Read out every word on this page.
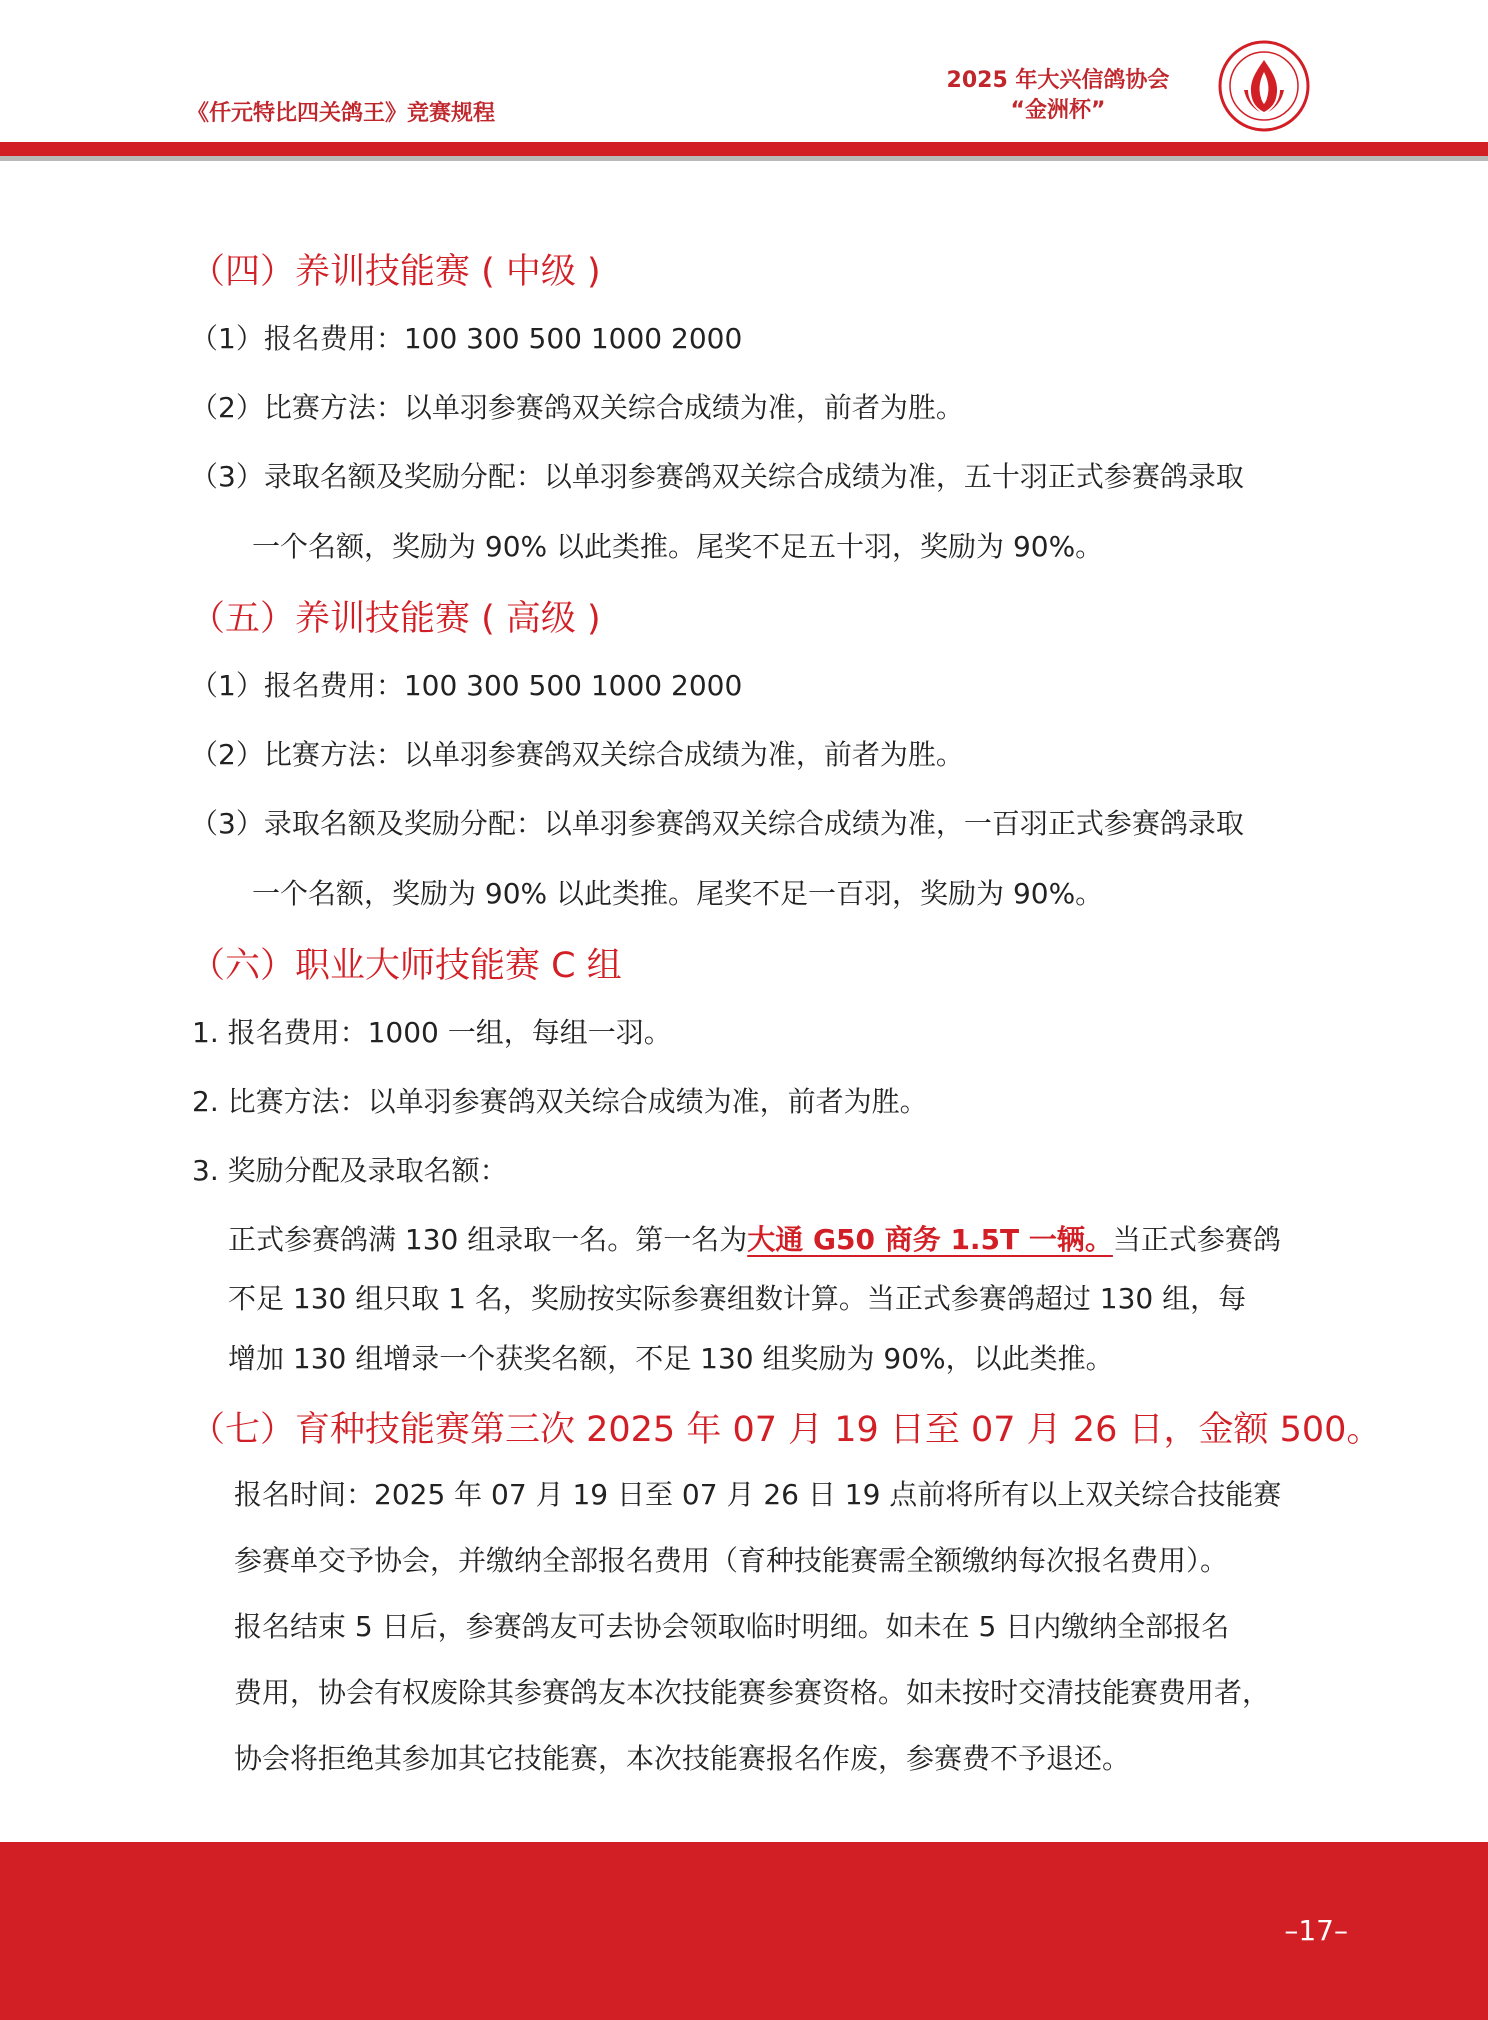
《仟元特比四关鸽王》竞赛规程
2025 年大兴信鸽协会
“金洲杯”
（四）养训技能赛 ( 中级 )
（1）报名费用：100 300 500 1000 2000
（2）比赛方法：以单羽参赛鸽双关综合成绩为准，前者为胜。
（3）录取名额及奖励分配：以单羽参赛鸽双关综合成绩为准，五十羽正式参赛鸽录取
一个名额，奖励为 90% 以此类推。尾奖不足五十羽，奖励为 90%。
（五）养训技能赛 ( 高级 )
（1）报名费用：100 300 500 1000 2000
（2）比赛方法：以单羽参赛鸽双关综合成绩为准，前者为胜。
（3）录取名额及奖励分配：以单羽参赛鸽双关综合成绩为准，一百羽正式参赛鸽录取
一个名额，奖励为 90% 以此类推。尾奖不足一百羽，奖励为 90%。
（六）职业大师技能赛 C 组
1. 报名费用：1000 一组，每组一羽。
2. 比赛方法：以单羽参赛鸽双关综合成绩为准，前者为胜。
3. 奖励分配及录取名额：
正式参赛鸽满 130 组录取一名。第一名为大通 G50 商务 1.5T 一辆。当正式参赛鸽
不足 130 组只取 1 名，奖励按实际参赛组数计算。当正式参赛鸽超过 130 组，每
增加 130 组增录一个获奖名额，不足 130 组奖励为 90%，以此类推。
（七）育种技能赛第三次 2025 年 07 月 19 日至 07 月 26 日，金额 500。
报名时间：2025 年 07 月 19 日至 07 月 26 日 19 点前将所有以上双关综合技能赛
参赛单交予协会，并缴纳全部报名费用（育种技能赛需全额缴纳每次报名费用）。
报名结束 5 日后，参赛鸽友可去协会领取临时明细。如未在 5 日内缴纳全部报名
费用，协会有权废除其参赛鸽友本次技能赛参赛资格。如未按时交清技能赛费用者，
协会将拒绝其参加其它技能赛，本次技能赛报名作废，参赛费不予退还。
–17–
